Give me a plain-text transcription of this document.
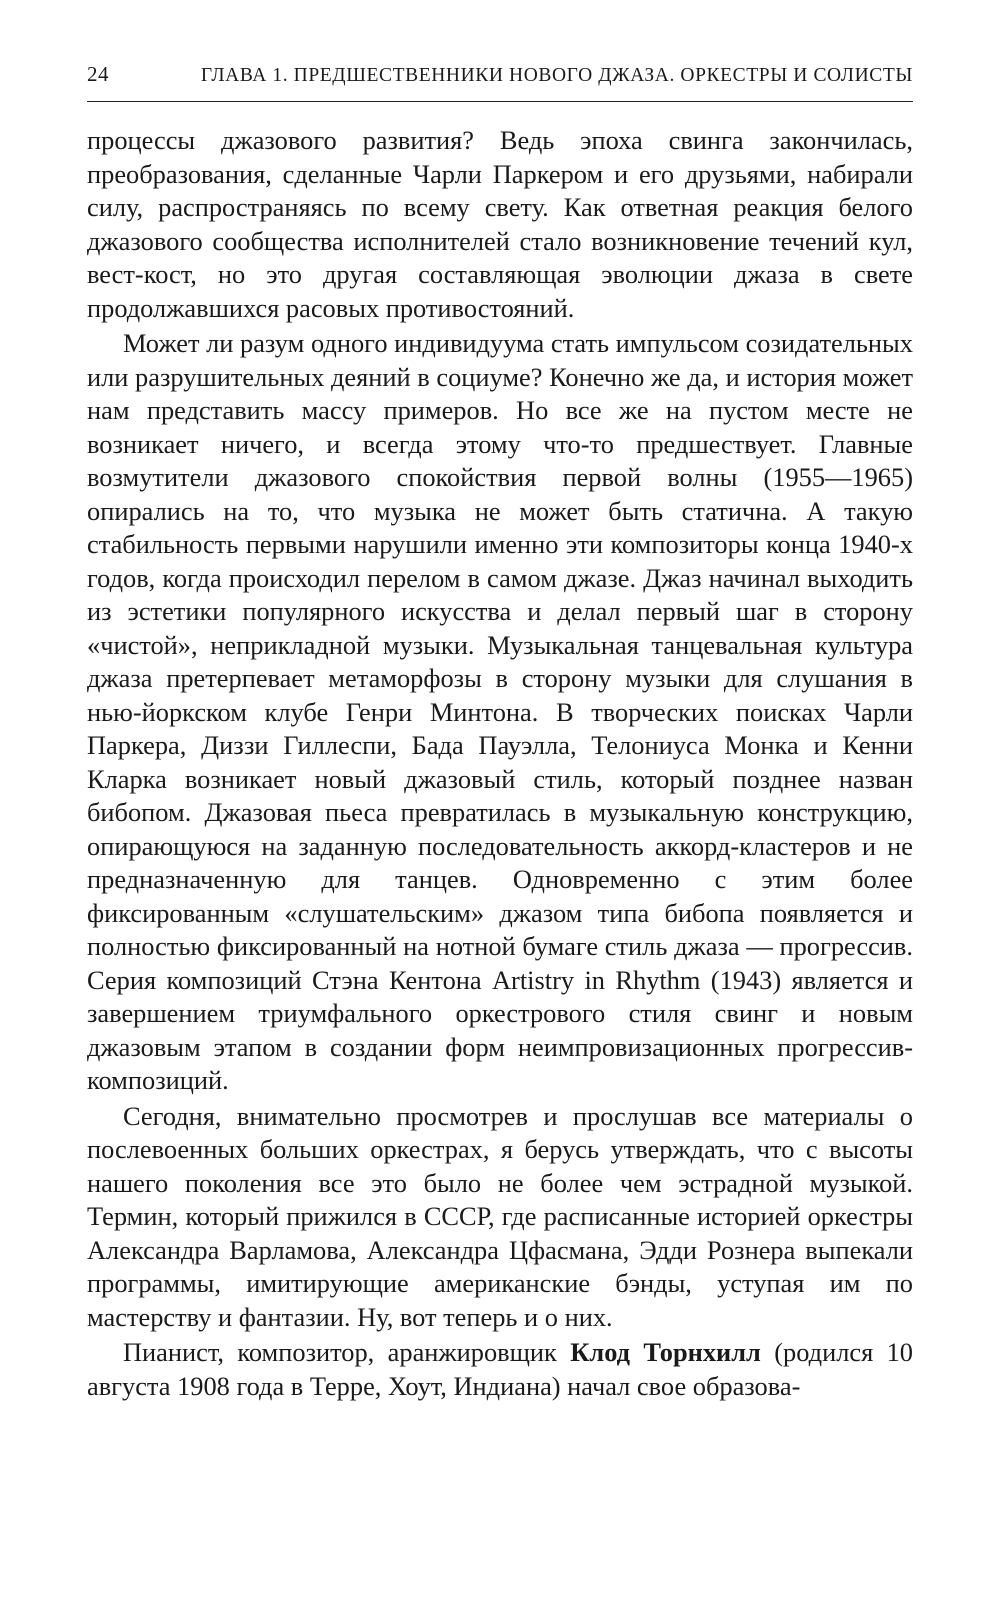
24	ГЛАВА 1. ПРЕДШЕСТВЕННИКИ НОВОГО ДЖАЗА. ОРКЕСТРЫ И СОЛИСТЫ

процессы джазового развития? Ведь эпоха свинга закончилась, преобразования, сделанные Чарли Паркером и его друзьями, набирали силу, распространяясь по всему свету. Как ответная реакция белого джазового сообщества исполнителей стало возникновение течений кул, вест-кост, но это другая составляющая эволюции джаза в свете продолжавшихся расовых противостояний.

Может ли разум одного индивидуума стать импульсом созидательных или разрушительных деяний в социуме? Конечно же да, и история может нам представить массу примеров. Но все же на пустом месте не возникает ничего, и всегда этому что-то предшествует. Главные возмутители джазового спокойствия первой волны (1955—1965) опирались на то, что музыка не может быть статична. А такую стабильность первыми нарушили именно эти композиторы конца 1940-х годов, когда происходил перелом в самом джазе. Джаз начинал выходить из эстетики популярного искусства и делал первый шаг в сторону «чистой», неприкладной музыки. Музыкальная танцевальная культура джаза претерпевает метаморфозы в сторону музыки для слушания в нью-йоркском клубе Генри Минтона. В творческих поисках Чарли Паркера, Диззи Гиллеспи, Бада Пауэлла, Телониуса Монка и Кенни Кларка возникает новый джазовый стиль, который позднее назван бибопом. Джазовая пьеса превратилась в музыкальную конструкцию, опирающуюся на заданную последовательность аккорд-кластеров и не предназначенную для танцев. Одновременно с этим более фиксированным «слушательским» джазом типа бибопа появляется и полностью фиксированный на нотной бумаге стиль джаза — прогрессив. Серия композиций Стэна Кентона Artistry in Rhythm (1943) является и завершением триумфального оркестрового стиля свинг и новым джазовым этапом в создании форм неимпровизационных прогрессив-композиций.

Сегодня, внимательно просмотрев и прослушав все материалы о послевоенных больших оркестрах, я берусь утверждать, что с высоты нашего поколения все это было не более чем эстрадной музыкой. Термин, который прижился в СССР, где расписанные историей оркестры Александра Варламова, Александра Цфасмана, Эдди Рознера выпекали программы, имитирующие американские бэнды, уступая им по мастерству и фантазии. Ну, вот теперь и о них.

Пианист, композитор, аранжировщик Клод Торнхилл (родился 10 августа 1908 года в Терре, Хоут, Индиана) начал свое образова-
